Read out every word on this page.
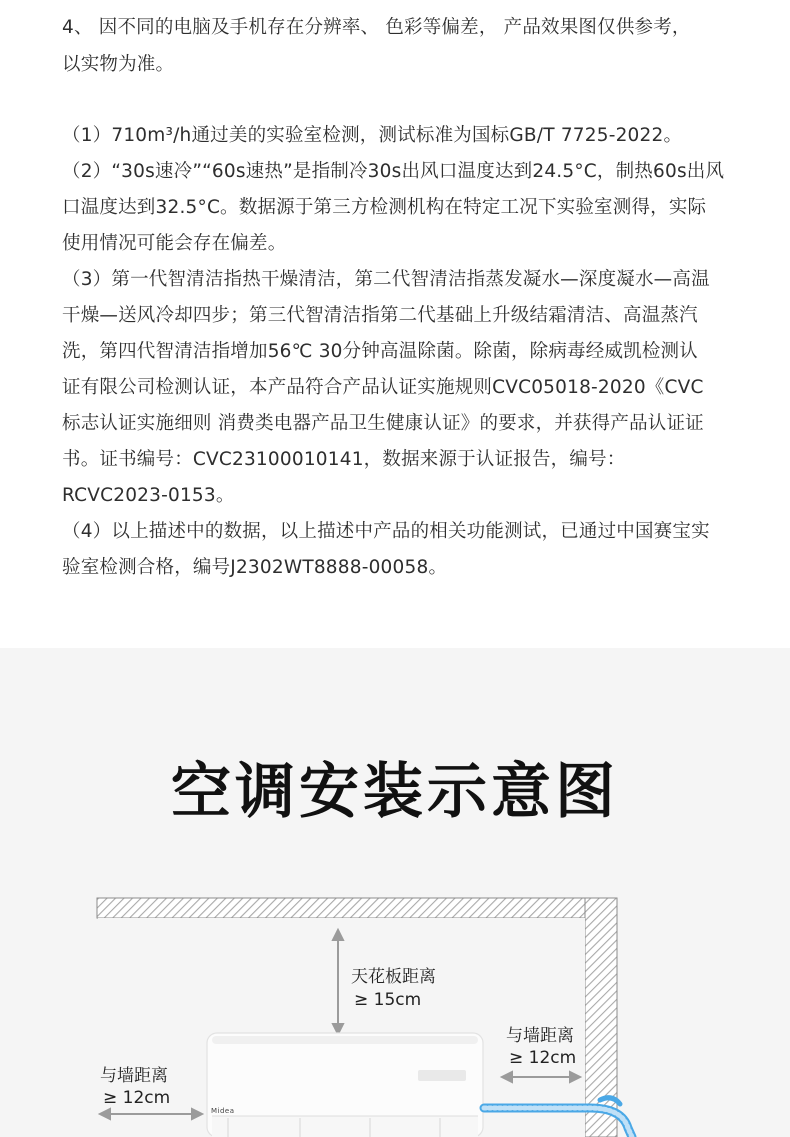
4、 因不同的电脑及手机存在分辨率、 色彩等偏差， 产品效果图仅供参考，
以实物为准。
（1）710m³/h通过美的实验室检测，测试标准为国标GB/T 7725-2022。
（2）“30s速冷”“60s速热”是指制冷30s出风口温度达到24.5°C，制热60s出风
口温度达到32.5°C。数据源于第三方检测机构在特定工况下实验室测得，实际
使用情况可能会存在偏差。
（3）第一代智清洁指热干燥清洁，第二代智清洁指蒸发凝水—深度凝水—高温
干燥—送风冷却四步；第三代智清洁指第二代基础上升级结霜清洁、高温蒸汽
洗，第四代智清洁指增加56℃ 30分钟高温除菌。除菌，除病毒经威凯检测认
证有限公司检测认证，本产品符合产品认证实施规则CVC05018-2020《CVC
标志认证实施细则 消费类电器产品卫生健康认证》的要求，并获得产品认证证
书。证书编号：CVC23100010141，数据来源于认证报告，编号：
RCVC2023-0153。
（4）以上描述中的数据，以上描述中产品的相关功能测试，已通过中国赛宝实
验室检测合格，编号J2302WT8888-00058。
空调安装示意图
天花板距离
≥ 15cm
与墙距离
≥ 12cm
与墙距离
≥ 12cm
Midea
